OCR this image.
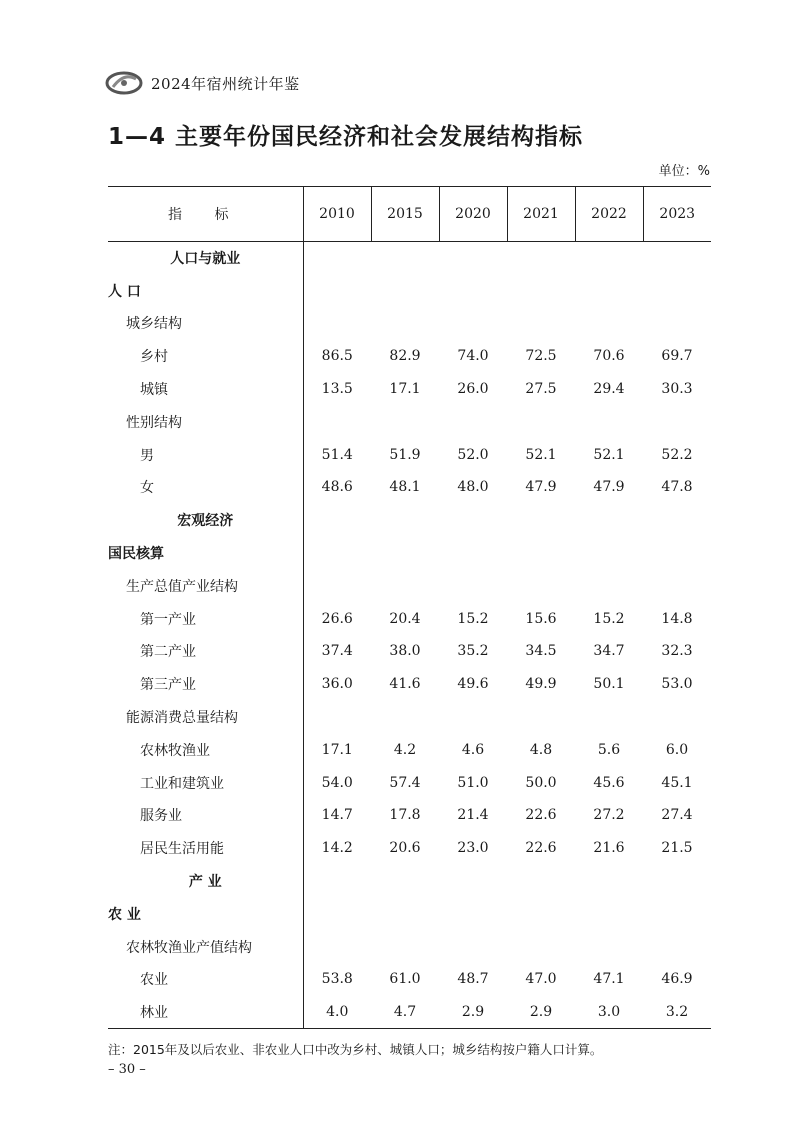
2024年宿州统计年鉴
1—4 主要年份国民经济和社会发展结构指标
单位：%
指 标	2010	2015	2020	2021	2022	2023
人口与就业						
人 口						
城乡结构						
乡村	86.5	82.9	74.0	72.5	70.6	69.7
城镇	13.5	17.1	26.0	27.5	29.4	30.3
性别结构						
男	51.4	51.9	52.0	52.1	52.1	52.2
女	48.6	48.1	48.0	47.9	47.9	47.8
宏观经济						
国民核算						
生产总值产业结构						
第一产业	26.6	20.4	15.2	15.6	15.2	14.8
第二产业	37.4	38.0	35.2	34.5	34.7	32.3
第三产业	36.0	41.6	49.6	49.9	50.1	53.0
能源消费总量结构						
农林牧渔业	17.1	4.2	4.6	4.8	5.6	6.0
工业和建筑业	54.0	57.4	51.0	50.0	45.6	45.1
服务业	14.7	17.8	21.4	22.6	27.2	27.4
居民生活用能	14.2	20.6	23.0	22.6	21.6	21.5
产 业						
农 业						
农林牧渔业产值结构						
农业	53.8	61.0	48.7	47.0	47.1	46.9
林业	4.0	4.7	2.9	2.9	3.0	3.2
注：2015年及以后农业、非农业人口中改为乡村、城镇人口；城乡结构按户籍人口计算。
– 30 –
